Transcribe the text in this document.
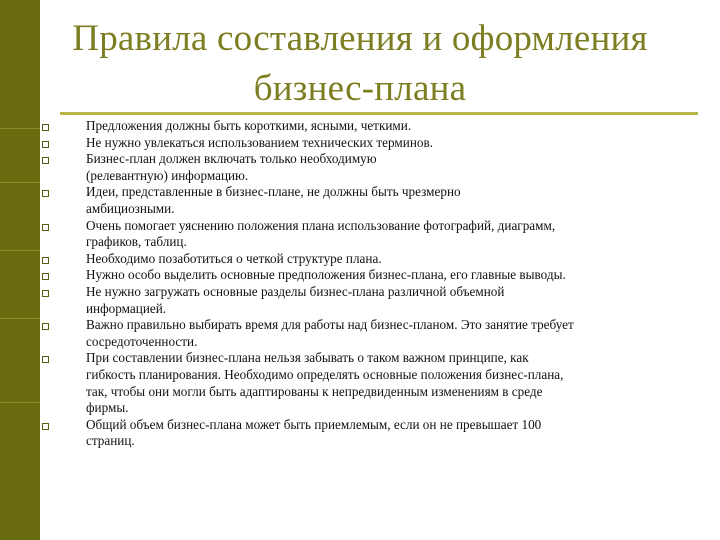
Правила составления и оформления
бизнес-плана
Предложения должны быть короткими, ясными, четкими.
Не нужно увлекаться использованием технических терминов.
Бизнес-план должен включать только необходимую
(релевантную) информацию.
Идеи, представленные в бизнес-плане, не должны быть чрезмерно
амбициозными.
Очень помогает уяснению положения плана использование фотографий, диаграмм,
графиков, таблиц.
Необходимо позаботиться о четкой структуре плана.
Нужно особо выделить основные предположения бизнес-плана, его главные выводы.
Не нужно загружать основные разделы бизнес-плана различной объемной
информацией.
Важно правильно выбирать время для работы над бизнес-планом. Это занятие требует
сосредоточенности.
При составлении бизнес-плана нельзя забывать о таком важном принципе, как
гибкость планирования. Необходимо определять основные положения бизнес-плана,
так, чтобы они могли быть адаптированы к непредвиденным изменениям в среде
фирмы.
Общий объем бизнес-плана может быть приемлемым, если он не превышает 100
страниц.
